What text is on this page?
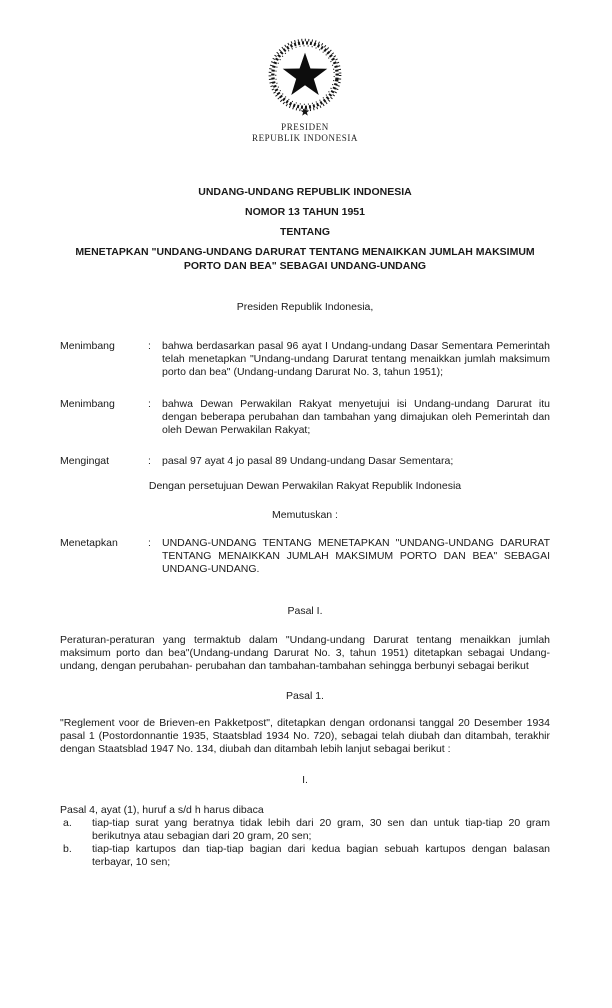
PRESIDEN
REPUBLIK INDONESIA
UNDANG-UNDANG REPUBLIK INDONESIA
NOMOR 13 TAHUN 1951
TENTANG
MENETAPKAN "UNDANG-UNDANG DARURAT TENTANG MENAIKKAN JUMLAH MAKSIMUM PORTO DAN BEA" SEBAGAI UNDANG-UNDANG
Presiden Republik Indonesia,
Menimbang	:	bahwa berdasarkan pasal 96 ayat I Undang-undang Dasar Sementara Pemerintah telah menetapkan "Undang-undang Darurat tentang menaikkan jumlah maksimum porto dan bea" (Undang-undang Darurat No. 3, tahun 1951);
Menimbang	:	bahwa Dewan Perwakilan Rakyat menyetujui isi Undang-undang Darurat itu dengan beberapa perubahan dan tambahan yang dimajukan oleh Pemerintah dan oleh Dewan Perwakilan Rakyat;
Mengingat	:	pasal 97 ayat 4 jo pasal 89 Undang-undang Dasar Sementara;
Dengan persetujuan Dewan Perwakilan Rakyat Republik Indonesia
Memutuskan :
Menetapkan	:	UNDANG-UNDANG TENTANG MENETAPKAN "UNDANG-UNDANG DARURAT TENTANG MENAIKKAN JUMLAH MAKSIMUM PORTO DAN BEA" SEBAGAI UNDANG-UNDANG.
Pasal I.
Peraturan-peraturan yang termaktub dalam "Undang-undang Darurat tentang menaikkan jumlah maksimum porto dan bea"(Undang-undang Darurat No. 3, tahun 1951) ditetapkan sebagai Undang-undang, dengan perubahan- perubahan dan tambahan-tambahan sehingga berbunyi sebagai berikut
Pasal 1.
"Reglement voor de Brieven-en Pakketpost", ditetapkan dengan ordonansi tanggal 20 Desember 1934 pasal 1 (Postordonnantie 1935, Staatsblad 1934 No. 720), sebagai telah diubah dan ditambah, terakhir dengan Staatsblad 1947 No. 134, diubah dan ditambah lebih lanjut sebagai berikut :
I.
Pasal 4, ayat (1), huruf a s/d h harus dibaca
a.	tiap-tiap surat yang beratnya tidak lebih dari 20 gram, 30 sen dan untuk tiap-tiap 20 gram berikutnya atau sebagian dari 20 gram, 20 sen;
b.	tiap-tiap kartupos dan tiap-tiap bagian dari kedua bagian sebuah kartupos dengan balasan terbayar, 10 sen;
